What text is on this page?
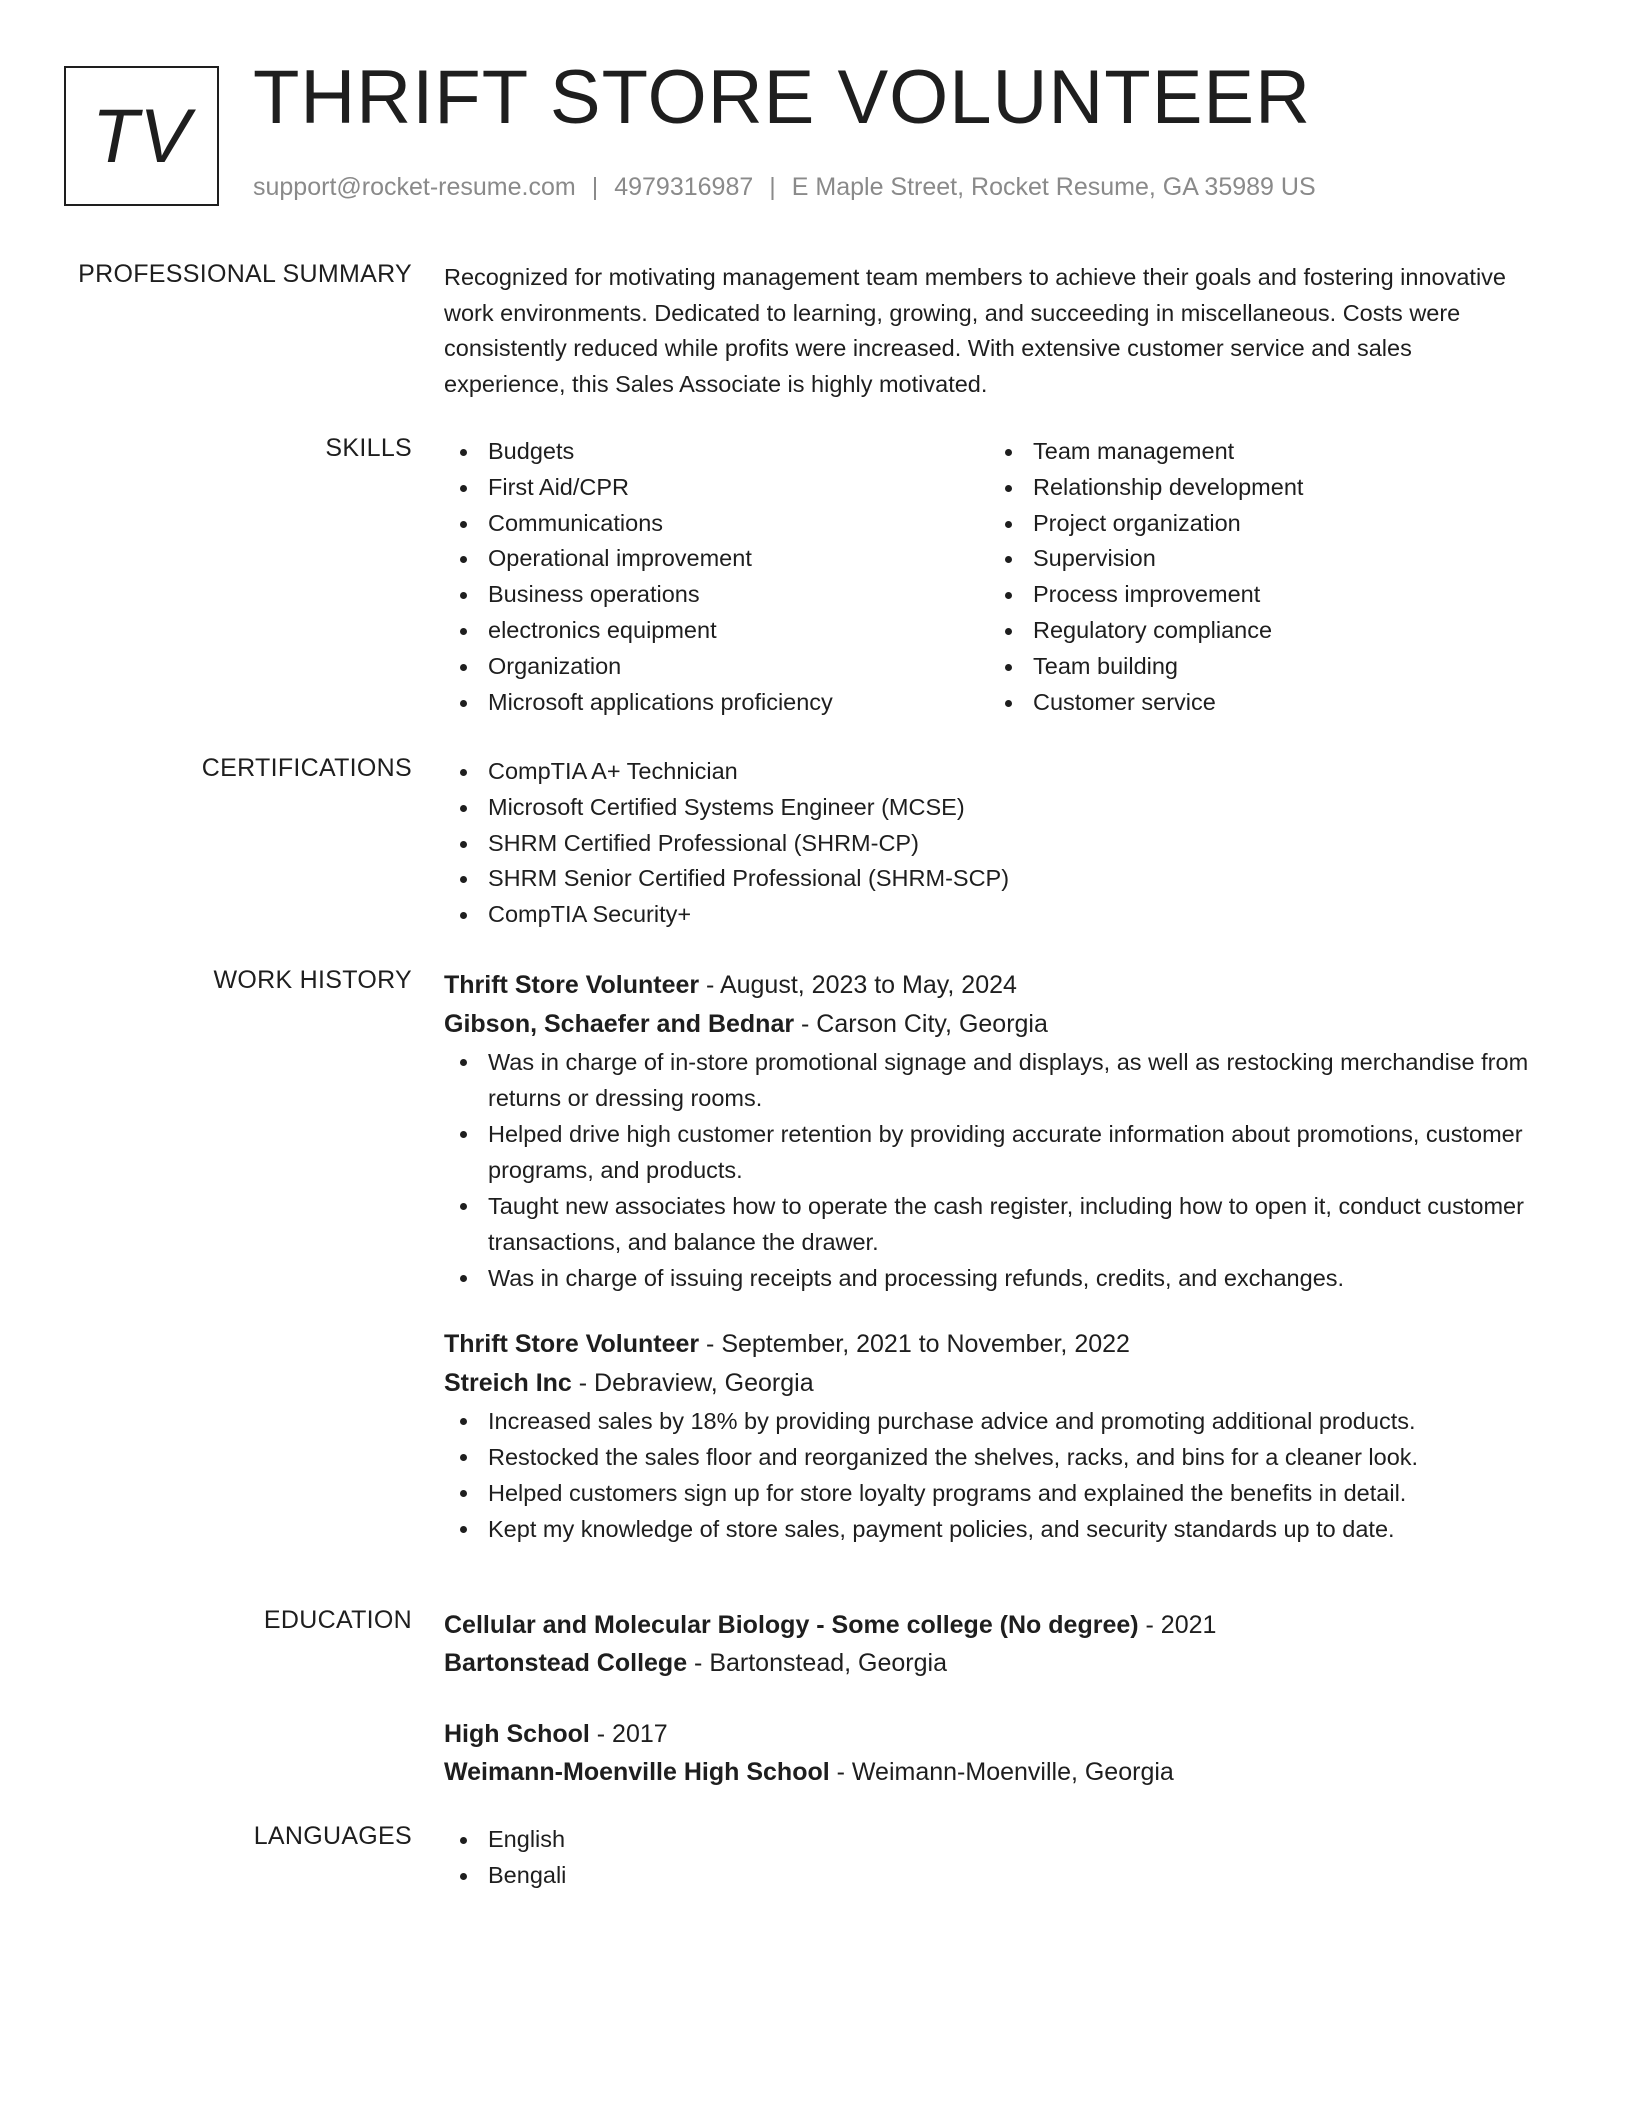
TV THRIFT STORE VOLUNTEER
support@rocket-resume.com | 4979316987 | E Maple Street, Rocket Resume, GA 35989 US
PROFESSIONAL SUMMARY Recognized for motivating management team members to achieve their goals and fostering innovative work environments. Dedicated to learning, growing, and succeeding in miscellaneous. Costs were consistently reduced while profits were increased. With extensive customer service and sales experience, this Sales Associate is highly motivated.

SKILLS	Budgets
First Aid/CPR
Communications
Operational improvement
Business operations
electronics equipment
Organization
Microsoft applications proficiency
Team management
Relationship development
Project organization
Supervision
Process improvement
Regulatory compliance
Team building
Customer service
CERTIFICATIONS	CompTIA A+ Technician
Microsoft Certified Systems Engineer (MCSE)
SHRM Certified Professional (SHRM-CP)
SHRM Senior Certified Professional (SHRM-SCP)
CompTIA Security+
WORK HISTORY Thrift Store Volunteer - August, 2023 to May, 2024
Gibson, Schaefer and Bednar - Carson City, Georgia
Was in charge of in-store promotional signage and displays, as well as restocking merchandise from returns or dressing rooms.
Helped drive high customer retention by providing accurate information about promotions, customer programs, and products.
Taught new associates how to operate the cash register, including how to open it, conduct customer transactions, and balance the drawer.
Was in charge of issuing receipts and processing refunds, credits, and exchanges.
Thrift Store Volunteer - September, 2021 to November, 2022
Streich Inc - Debraview, Georgia
Increased sales by 18% by providing purchase advice and promoting additional products.
Restocked the sales floor and reorganized the shelves, racks, and bins for a cleaner look.
Helped customers sign up for store loyalty programs and explained the benefits in detail.
Kept my knowledge of store sales, payment policies, and security standards up to date.
EDUCATION Cellular and Molecular Biology - Some college (No degree) - 2021
Bartonstead College - Bartonstead, Georgia
High School - 2017
Weimann-Moenville High School - Weimann-Moenville, Georgia
LANGUAGES	English
Bengali
